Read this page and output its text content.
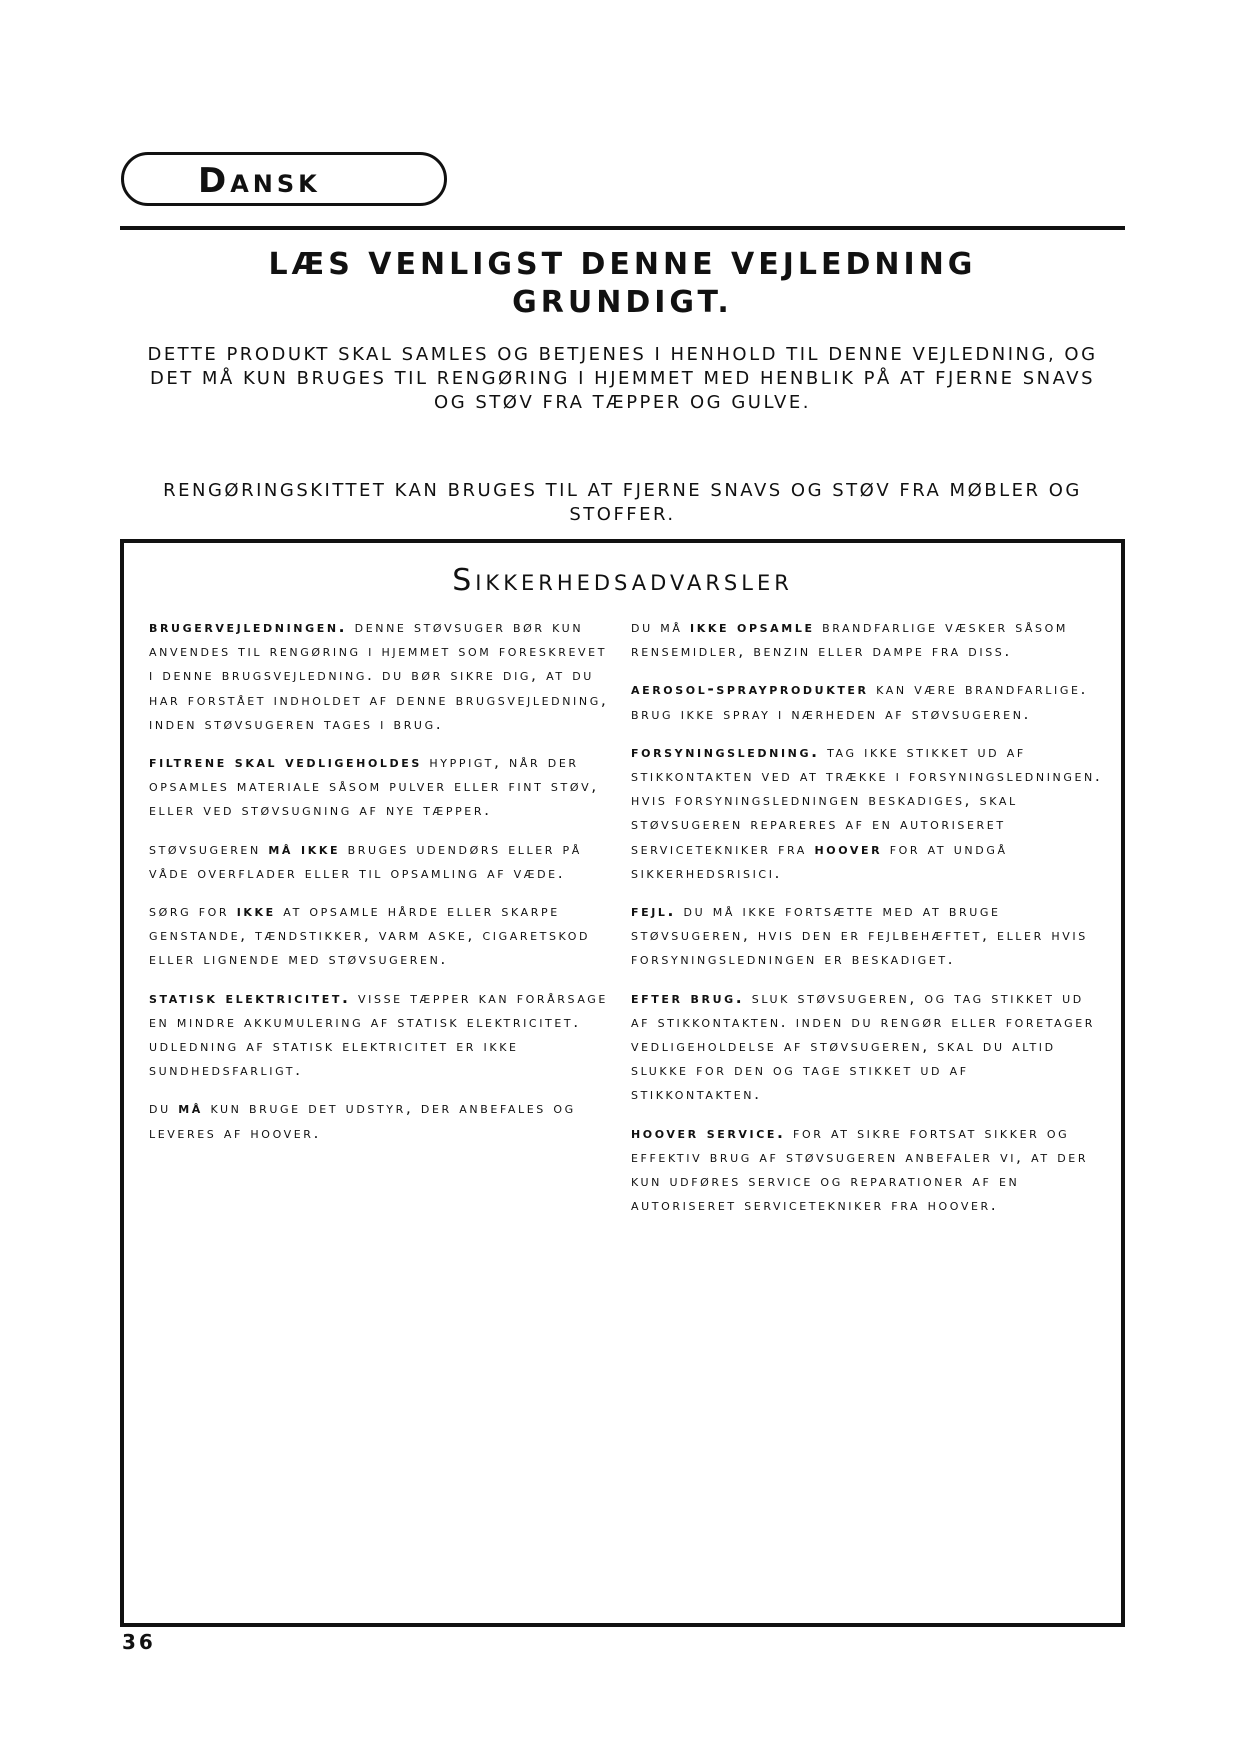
Dansk
LÆS VENLIGST DENNE VEJLEDNING GRUNDIGT.
DETTE PRODUKT SKAL SAMLES OG BETJENES I HENHOLD TIL DENNE VEJLEDNING, OG DET MÅ KUN BRUGES TIL RENGØRING I HJEMMET MED HENBLIK PÅ AT FJERNE SNAVS OG STØV FRA TÆPPER OG GULVE.
RENGØRINGSKITTET KAN BRUGES TIL AT FJERNE SNAVS OG STØV FRA MØBLER OG STOFFER.
Sikkerhedsadvarsler

brugervejledningen. denne støvsuger bør kun anvendes til rengøring i hjemmet som foreskrevet i denne brugsvejledning. du bør sikre dig, at du har forstået indholdet af denne brugsvejledning, inden støvsugeren tages i brug.

filtrene skal vedligeholdes hyppigt, når der opsamles materiale såsom pulver eller fint støv, eller ved støvsugning af nye tæpper.

støvsugeren må ikke bruges udendørs eller på våde overflader eller til opsamling af væde.

sørg for ikke at opsamle hårde eller skarpe genstande, tændstikker, varm aske, cigaretskod eller lignende med støvsugeren.

statisk elektricitet. visse tæpper kan forårsage en mindre akkumulering af statisk elektricitet. udledning af statisk elektricitet er ikke sundhedsfarligt.

du må kun bruge det udstyr, der anbefales og leveres af hoover.

du må ikke opsamle brandfarlige væsker såsom rensemidler, benzin eller dampe fra diss.

aerosol-sprayprodukter kan være brandfarlige. brug ikke spray i nærheden af støvsugeren.

forsyningsledning. tag ikke stikket ud af stikkontakten ved at trække i forsyningsledningen. hvis forsyningsledningen beskadiges, skal støvsugeren repareres af en autoriseret servicetekniker fra hoover for at undgå sikkerhedsrisici.

fejl. du må ikke fortsætte med at bruge støvsugeren, hvis den er fejlbehæftet, eller hvis forsyningsledningen er beskadiget.

efter brug. sluk støvsugeren, og tag stikket ud af stikkontakten. inden du rengør eller foretager vedligeholdelse af støvsugeren, skal du altid slukke for den og tage stikket ud af stikkontakten.

hoover service. for at sikre fortsat sikker og effektiv brug af støvsugeren anbefaler vi, at der kun udføres service og reparationer af en autoriseret servicetekniker fra hoover.

36
